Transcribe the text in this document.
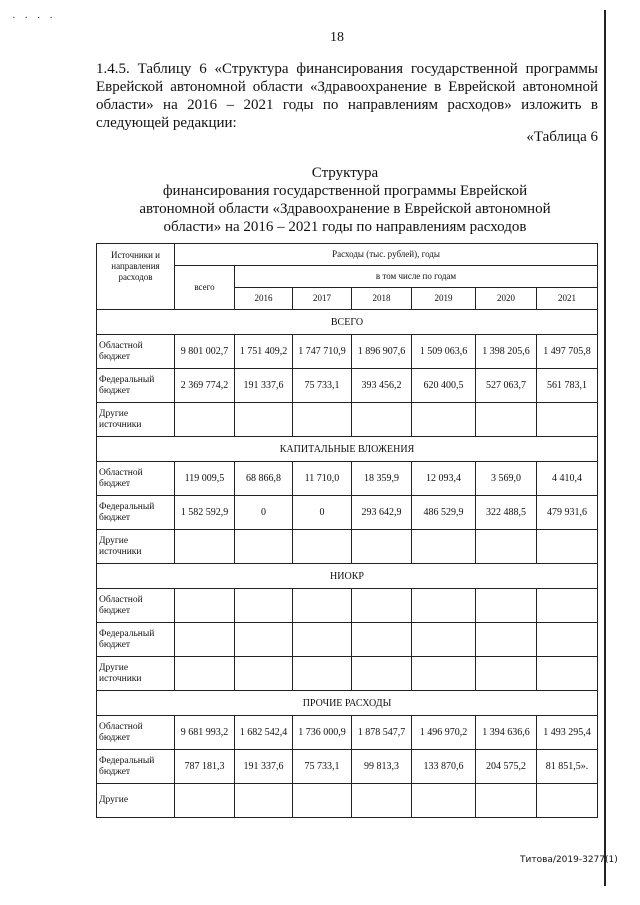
· · · ·
18
1.4.5. Таблицу 6 «Структура финансирования государственной программы Еврейской автономной области «Здравоохранение в Еврейской автономной области» на 2016 – 2021 годы по направлениям расходов» изложить в следующей редакции:
«Таблица 6
Структура
финансирования государственной программы Еврейской
автономной области «Здравоохранение в Еврейской автономной
области» на 2016 – 2021 годы по направлениям расходов
Источники и направления расходов	Расходы (тыс. рублей), годы						
	всего	в том числе по годам					
		2016	2017	2018	2019	2020	2021
ВСЕГО							
Областной бюджет	9 801 002,7	1 751 409,2	1 747 710,9	1 896 907,6	1 509 063,6	1 398 205,6	1 497 705,8
Федеральный бюджет	2 369 774,2	191 337,6	75 733,1	393 456,2	620 400,5	527 063,7	561 783,1
Другие источники							
КАПИТАЛЬНЫЕ ВЛОЖЕНИЯ							
Областной бюджет	119 009,5	68 866,8	11 710,0	18 359,9	12 093,4	3 569,0	4 410,4
Федеральный бюджет	1 582 592,9	0	0	293 642,9	486 529,9	322 488,5	479 931,6
Другие источники							
НИОКР							
Областной бюджет							
Федеральный бюджет							
Другие источники							
ПРОЧИЕ РАСХОДЫ							
Областной бюджет	9 681 993,2	1 682 542,4	1 736 000,9	1 878 547,7	1 496 970,2	1 394 636,6	1 493 295,4
Федеральный бюджет	787 181,3	191 337,6	75 733,1	99 813,3	133 870,6	204 575,2	81 851,5».
Другие							
Титова/2019-3277(1)
